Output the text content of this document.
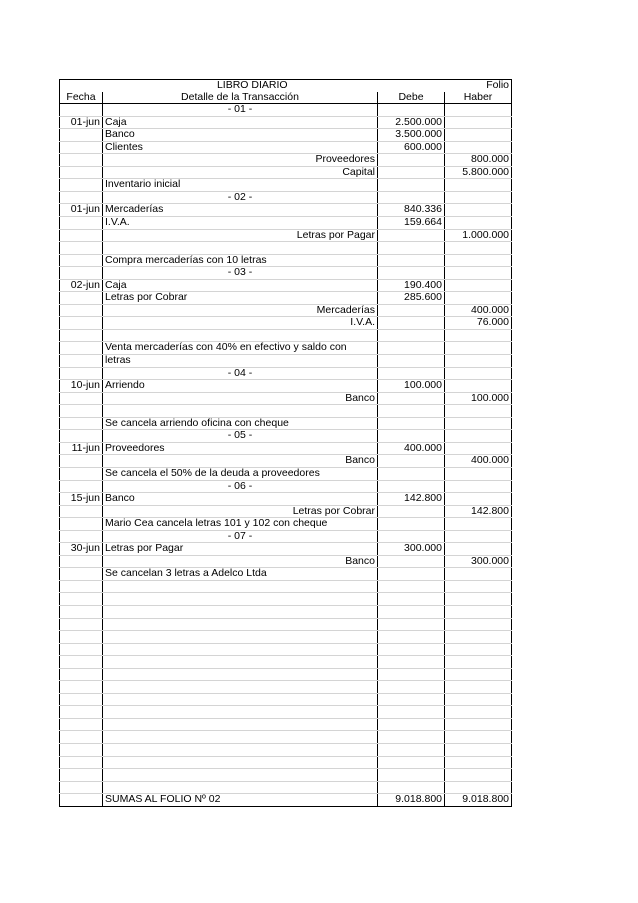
LIBRO DIARIO			Folio
Fecha	Detalle de la Transacción	Debe	Haber
	- 01 -		
01-jun	Caja	2.500.000	
	Banco	3.500.000	
	Clientes	600.000	
	Proveedores		800.000
	Capital		5.800.000
	Inventario inicial		
	- 02 -		
01-jun	Mercaderías	840.336	
	I.V.A.	159.664	
	Letras por Pagar		1.000.000

	Compra mercaderías con 10 letras		
	- 03 -		
02-jun	Caja	190.400	
	Letras por Cobrar	285.600	
	Mercaderías		400.000
	I.V.A.		76.000

	Venta mercaderías con 40% en efectivo y saldo con		
	letras		
	- 04 -		
10-jun	Arriendo	100.000	
	Banco		100.000

	Se cancela arriendo oficina con cheque		
	- 05 -		
11-jun	Proveedores	400.000	
	Banco		400.000
	Se cancela el 50% de la deuda a proveedores		
	- 06 -		
15-jun	Banco	142.800	
	Letras por Cobrar		142.800
	Mario Cea cancela letras 101 y 102 con cheque		
	- 07 -		
30-jun	Letras por Pagar	300.000	
	Banco		300.000
	Se cancelan 3 letras a Adelco Ltda		

	SUMAS AL FOLIO Nº 02	9.018.800	9.018.800
